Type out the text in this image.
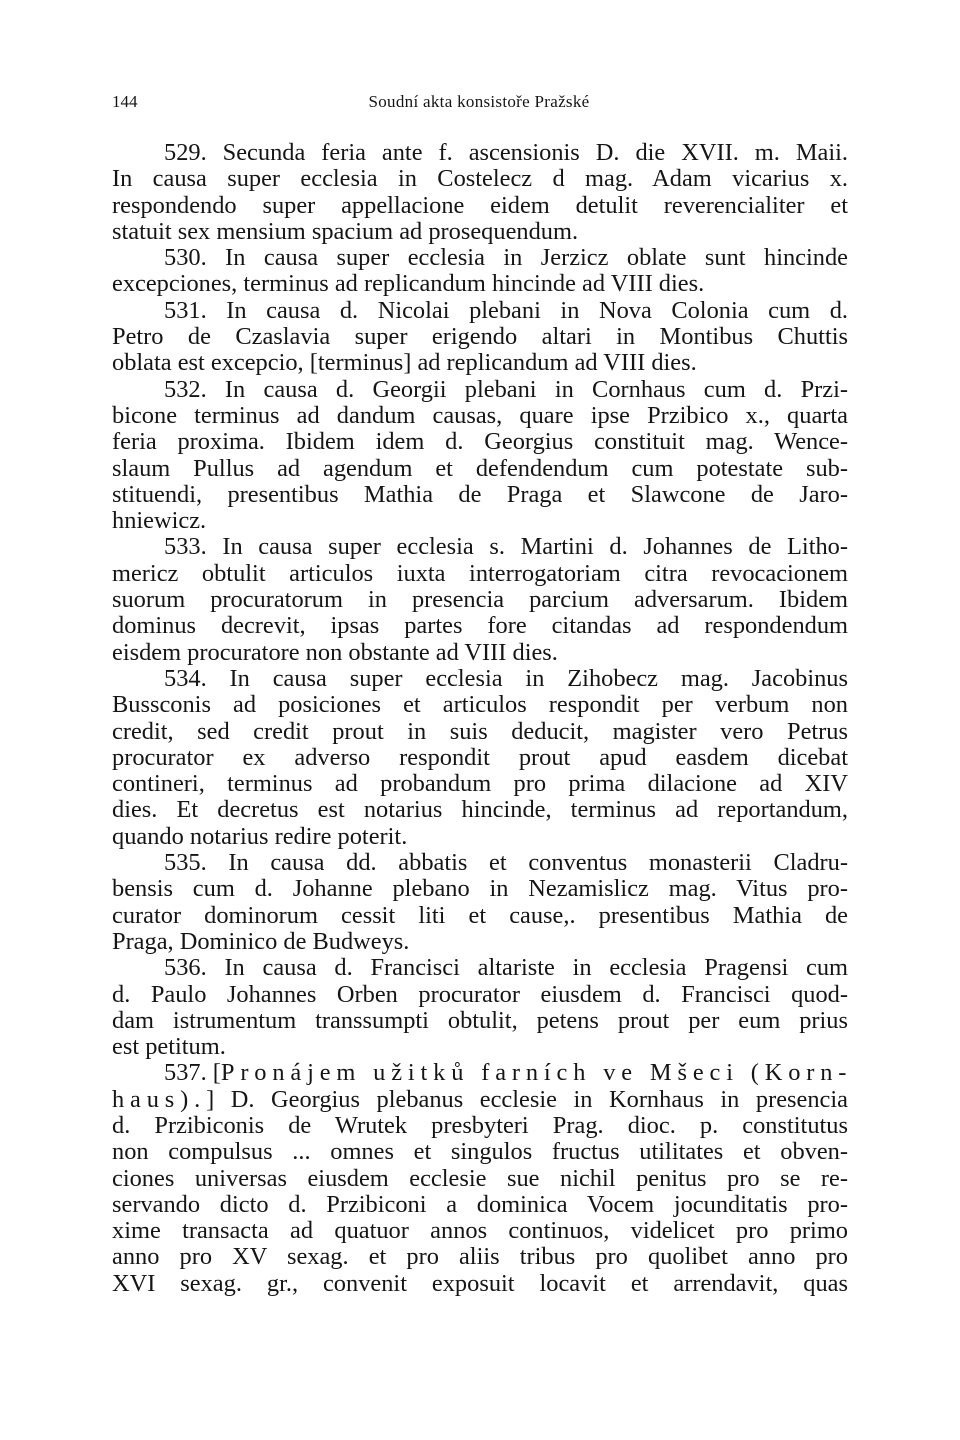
144	Soudní akta konsistoře Pražské
529. Secunda feria ante f. ascensionis D. die XVII. m. Maii.
In causa super ecclesia in Costelecz d mag. Adam vicarius x.
respondendo super appellacione eidem detulit reverencialiter et
statuit sex mensium spacium ad prosequendum.
530. In causa super ecclesia in Jerzicz oblate sunt hincinde
excepciones, terminus ad replicandum hincinde ad VIII dies.
531. In causa d. Nicolai plebani in Nova Colonia cum d.
Petro de Czaslavia super erigendo altari in Montibus Chuttis
oblata est excepcio, [terminus] ad replicandum ad VIII dies.
532. In causa d. Georgii plebani in Cornhaus cum d. Przi-
bicone terminus ad dandum causas, quare ipse Przibico x., quarta
feria proxima. Ibidem idem d. Georgius constituit mag. Wence-
slaum Pullus ad agendum et defendendum cum potestate sub-
stituendi, presentibus Mathia de Praga et Slawcone de Jaro-
hniewicz.
533. In causa super ecclesia s. Martini d. Johannes de Litho-
mericz obtulit articulos iuxta interrogatoriam citra revocacionem
suorum procuratorum in presencia parcium adversarum. Ibidem
dominus decrevit, ipsas partes fore citandas ad respondendum
eisdem procuratore non obstante ad VIII dies.
534. In causa super ecclesia in Zihobecz mag. Jacobinus
Bussconis ad posiciones et articulos respondit per verbum non
credit, sed credit prout in suis deducit, magister vero Petrus
procurator ex adverso respondit prout apud easdem dicebat
contineri, terminus ad probandum pro prima dilacione ad XIV
dies. Et decretus est notarius hincinde, terminus ad reportandum,
quando notarius redire poterit.
535. In causa dd. abbatis et conventus monasterii Cladru-
bensis cum d. Johanne plebano in Nezamislicz mag. Vitus pro-
curator dominorum cessit liti et cause,. presentibus Mathia de
Praga, Dominico de Budweys.
536. In causa d. Francisci altariste in ecclesia Pragensi cum
d. Paulo Johannes Orben procurator eiusdem d. Francisci quod-
dam istrumentum transsumpti obtulit, petens prout per eum prius
est petitum.
537. [Pronájem užitků farních ve Mšeci (Korn-
haus).] D. Georgius plebanus ecclesie in Kornhaus in presencia
d. Przibiconis de Wrutek presbyteri Prag. dioc. p. constitutus
non compulsus ... omnes et singulos fructus utilitates et obven-
ciones universas eiusdem ecclesie sue nichil penitus pro se re-
servando dicto d. Przibiconi a dominica Vocem jocunditatis pro-
xime transacta ad quatuor annos continuos, videlicet pro primo
anno pro XV sexag. et pro aliis tribus pro quolibet anno pro
XVI sexag. gr., convenit exposuit locavit et arrendavit, quas
